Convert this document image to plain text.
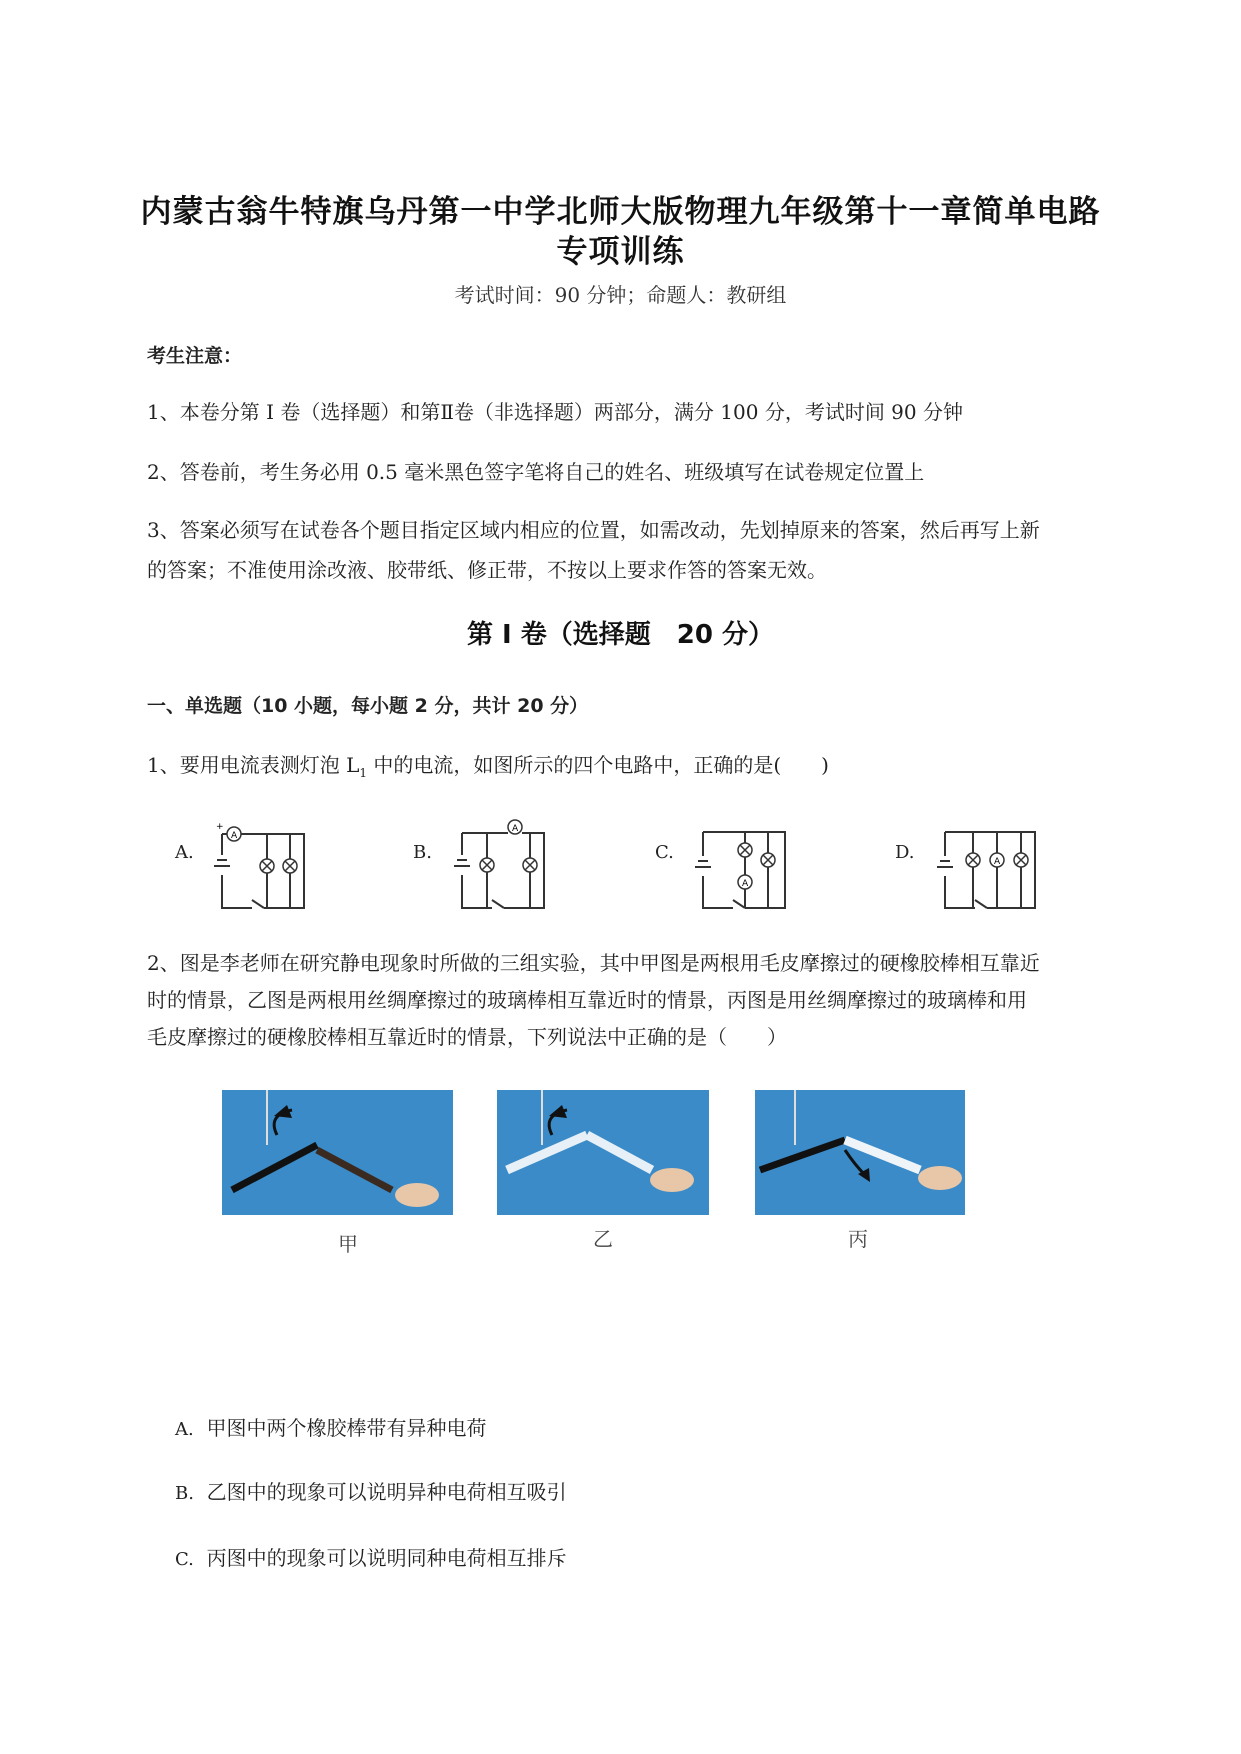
内蒙古翁牛特旗乌丹第一中学北师大版物理九年级第十一章简单电路
专项训练
考试时间：90 分钟；命题人：教研组
考生注意：
1、本卷分第 I 卷（选择题）和第Ⅱ卷（非选择题）两部分，满分 100 分，考试时间 90 分钟
2、答卷前，考生务必用 0.5 毫米黑色签字笔将自己的姓名、班级填写在试卷规定位置上
3、答案必须写在试卷各个题目指定区域内相应的位置，如需改动，先划掉原来的答案，然后再写上新
的答案；不准使用涂改液、胶带纸、修正带，不按以上要求作答的答案无效。
第 I 卷（选择题　20 分）
一、单选题（10 小题，每小题 2 分，共计 20 分）
1、要用电流表测灯泡 $L_1$ 中的电流，如图所示的四个电路中，正确的是(　　)
A.	B.	C.	D.
A
+	A
A
A
2、图是李老师在研究静电现象时所做的三组实验，其中甲图是两根用毛皮摩擦过的硬橡胶棒相互靠近
时的情景，乙图是两根用丝绸摩擦过的玻璃棒相互靠近时的情景，丙图是用丝绸摩擦过的玻璃棒和用
毛皮摩擦过的硬橡胶棒相互靠近时的情景，下列说法中正确的是（　　）
甲	乙	丙
A. 甲图中两个橡胶棒带有异种电荷
B. 乙图中的现象可以说明异种电荷相互吸引
C. 丙图中的现象可以说明同种电荷相互排斥
